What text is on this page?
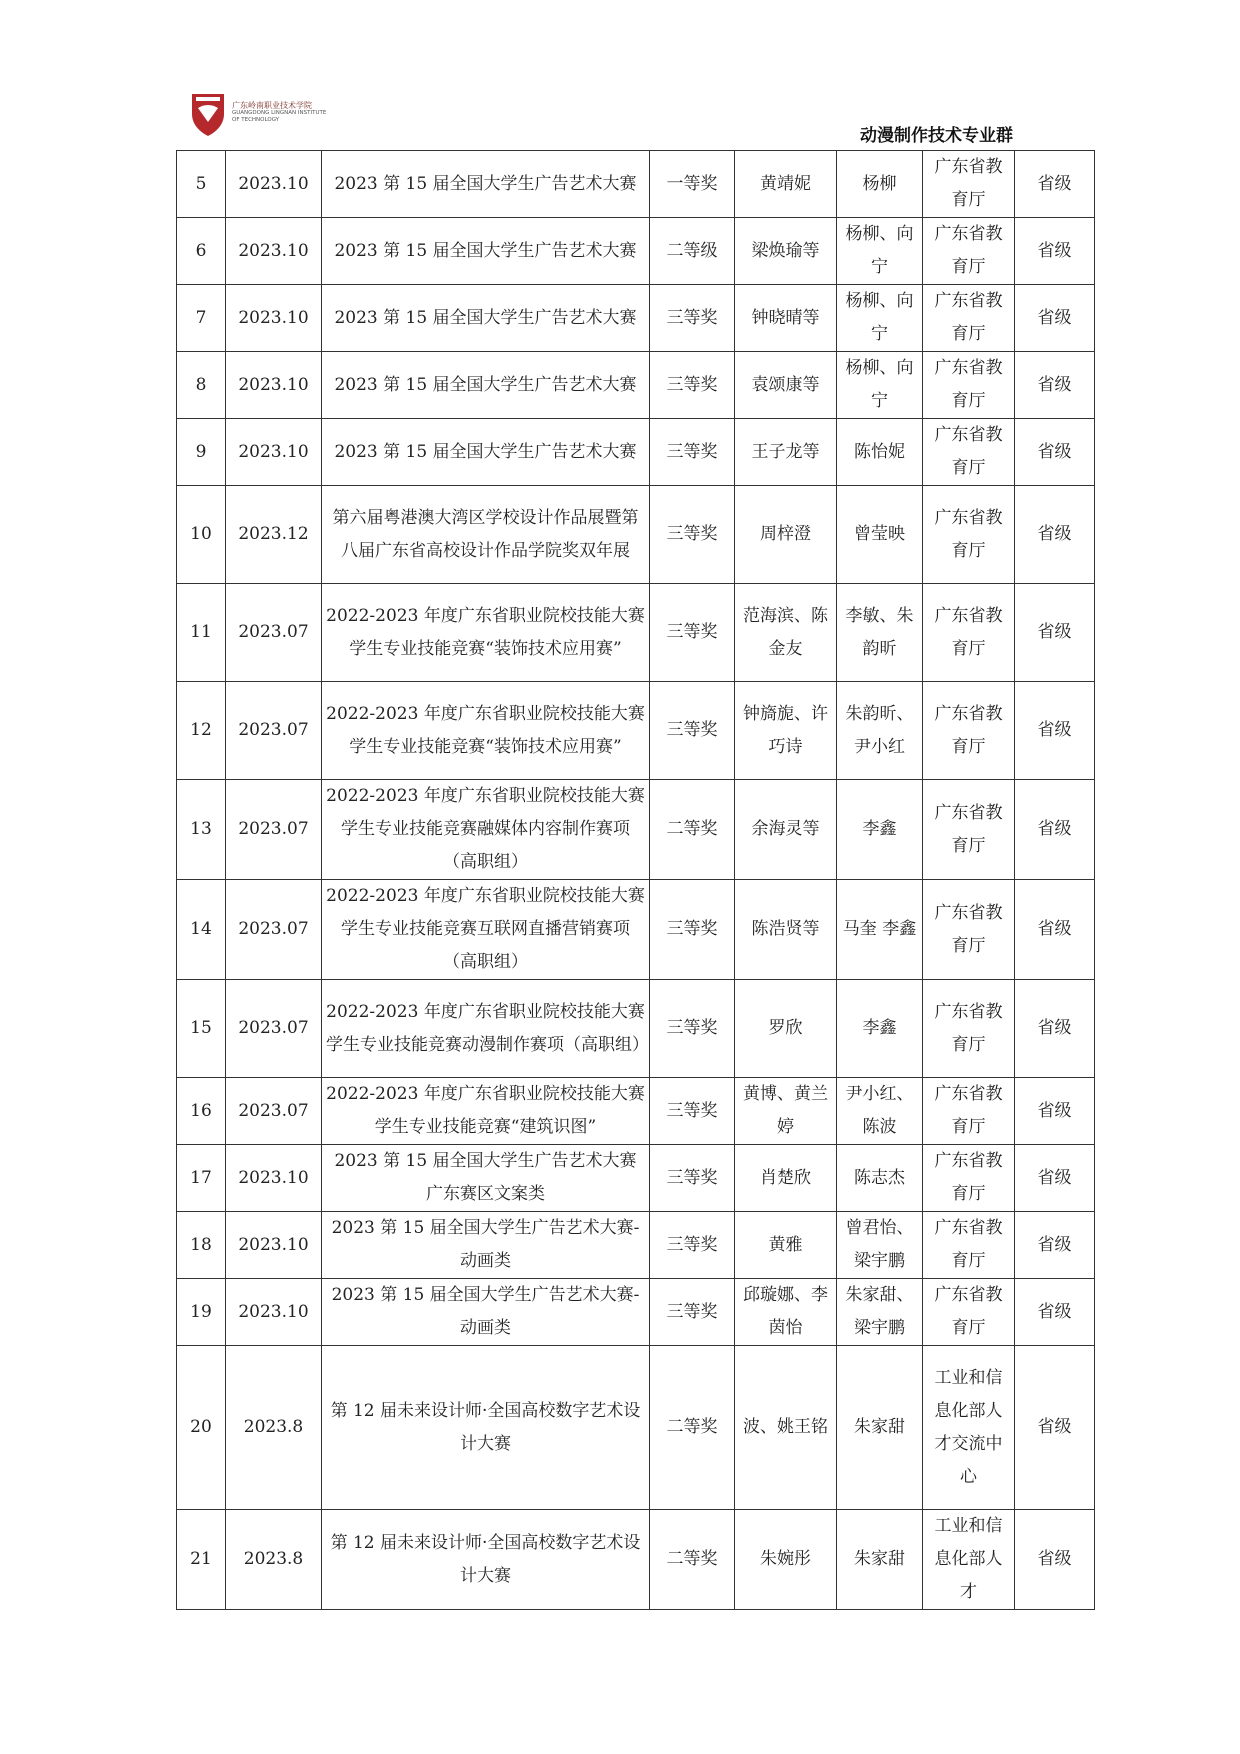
广东岭南职业技术学院
GUANGDONG LINGNAN INSTITUTE OF TECHNOLOGY
动漫制作技术专业群
5	2023.10	2023 第 15 届全国大学生广告艺术大赛	一等奖	黄靖妮	杨柳	广东省教育厅	省级
6	2023.10	2023 第 15 届全国大学生广告艺术大赛	二等级	梁焕瑜等	杨柳、向宁	广东省教育厅	省级
7	2023.10	2023 第 15 届全国大学生广告艺术大赛	三等奖	钟晓晴等	杨柳、向宁	广东省教育厅	省级
8	2023.10	2023 第 15 届全国大学生广告艺术大赛	三等奖	袁颂康等	杨柳、向宁	广东省教育厅	省级
9	2023.10	2023 第 15 届全国大学生广告艺术大赛	三等奖	王子龙等	陈怡妮	广东省教育厅	省级
10	2023.12	第六届粤港澳大湾区学校设计作品展暨第八届广东省高校设计作品学院奖双年展	三等奖	周梓澄	曾莹映	广东省教育厅	省级
11	2023.07	2022-2023 年度广东省职业院校技能大赛学生专业技能竞赛“装饰技术应用赛”	三等奖	范海滨、陈金友	李敏、朱韵昕	广东省教育厅	省级
12	2023.07	2022-2023 年度广东省职业院校技能大赛学生专业技能竞赛“装饰技术应用赛”	三等奖	钟旖旎、许巧诗	朱韵昕、尹小红	广东省教育厅	省级
13	2023.07	2022-2023 年度广东省职业院校技能大赛学生专业技能竞赛融媒体内容制作赛项（高职组）	二等奖	余海灵等	李鑫	广东省教育厅	省级
14	2023.07	2022-2023 年度广东省职业院校技能大赛学生专业技能竞赛互联网直播营销赛项（高职组）	三等奖	陈浩贤等	马奎 李鑫	广东省教育厅	省级
15	2023.07	2022-2023 年度广东省职业院校技能大赛学生专业技能竞赛动漫制作赛项（高职组）	三等奖	罗欣	李鑫	广东省教育厅	省级
16	2023.07	2022-2023 年度广东省职业院校技能大赛学生专业技能竞赛“建筑识图”	三等奖	黄博、黄兰婷	尹小红、陈波	广东省教育厅	省级
17	2023.10	2023 第 15 届全国大学生广告艺术大赛广东赛区文案类	三等奖	肖楚欣	陈志杰	广东省教育厅	省级
18	2023.10	2023 第 15 届全国大学生广告艺术大赛-动画类	三等奖	黄雅	曾君怡、梁宇鹏	广东省教育厅	省级
19	2023.10	2023 第 15 届全国大学生广告艺术大赛-动画类	三等奖	邱璇娜、李茵怡	朱家甜、梁宇鹏	广东省教育厅	省级
20	2023.8	第 12 届未来设计师·全国高校数字艺术设计大赛	二等奖	波、姚王铭	朱家甜	工业和信息化部人才交流中心	省级
21	2023.8	第 12 届未来设计师·全国高校数字艺术设计大赛	二等奖	朱婉彤	朱家甜	工业和信息化部人才	省级
